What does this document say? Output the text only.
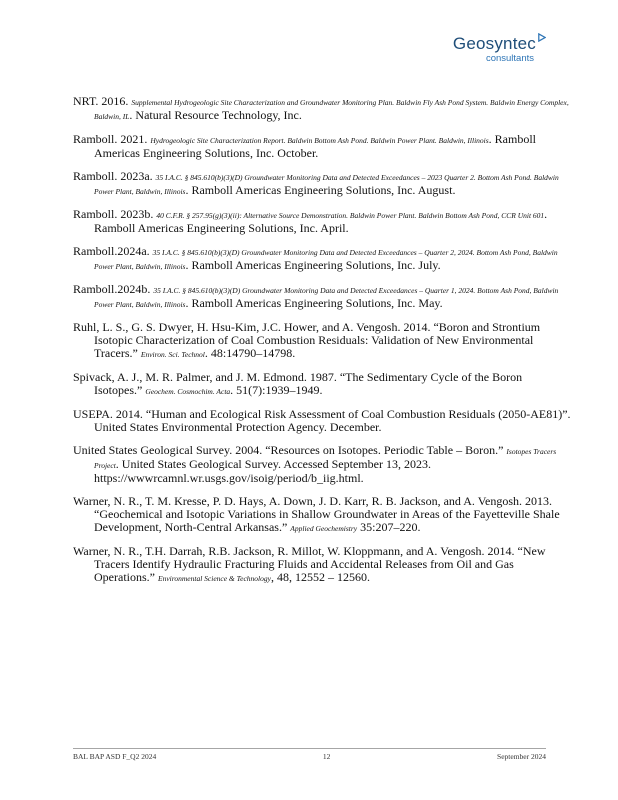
Geosyntec
consultants

NRT. 2016. Supplemental Hydrogeologic Site Characterization and Groundwater Monitoring Plan. Baldwin Fly Ash Pond System. Baldwin Energy Complex, Baldwin, IL. Natural Resource Technology, Inc.

Ramboll. 2021. Hydrogeologic Site Characterization Report. Baldwin Bottom Ash Pond. Baldwin Power Plant. Baldwin, Illinois. Ramboll Americas Engineering Solutions, Inc. October.

Ramboll. 2023a. 35 I.A.C. § 845.610(b)(3)(D) Groundwater Monitoring Data and Detected Exceedances – 2023 Quarter 2. Bottom Ash Pond. Baldwin Power Plant, Baldwin, Illinois. Ramboll Americas Engineering Solutions, Inc. August.

Ramboll. 2023b. 40 C.F.R. § 257.95(g)(3)(ii): Alternative Source Demonstration. Baldwin Power Plant. Baldwin Bottom Ash Pond, CCR Unit 601. Ramboll Americas Engineering Solutions, Inc. April.

Ramboll.2024a. 35 I.A.C. § 845.610(b)(3)(D) Groundwater Monitoring Data and Detected Exceedances – Quarter 2, 2024. Bottom Ash Pond, Baldwin Power Plant, Baldwin, Illinois. Ramboll Americas Engineering Solutions, Inc. July.

Ramboll.2024b. 35 I.A.C. § 845.610(b)(3)(D) Groundwater Monitoring Data and Detected Exceedances – Quarter 1, 2024. Bottom Ash Pond, Baldwin Power Plant, Baldwin, Illinois. Ramboll Americas Engineering Solutions, Inc. May.

Ruhl, L. S., G. S. Dwyer, H. Hsu-Kim, J.C. Hower, and A. Vengosh. 2014. “Boron and Strontium Isotopic Characterization of Coal Combustion Residuals: Validation of New Environmental Tracers.” Environ. Sci. Technol. 48:14790–14798.

Spivack, A. J., M. R. Palmer, and J. M. Edmond. 1987. “The Sedimentary Cycle of the Boron Isotopes.” Geochem. Cosmochim. Acta. 51(7):1939–1949.

USEPA. 2014. “Human and Ecological Risk Assessment of Coal Combustion Residuals (2050-AE81)”. United States Environmental Protection Agency. December.

United States Geological Survey. 2004. “Resources on Isotopes. Periodic Table – Boron.” Isotopes Tracers Project. United States Geological Survey. Accessed September 13, 2023. https://wwwrcamnl.wr.usgs.gov/isoig/period/b_iig.html.

Warner, N. R., T. M. Kresse, P. D. Hays, A. Down, J. D. Karr, R. B. Jackson, and A. Vengosh. 2013. “Geochemical and Isotopic Variations in Shallow Groundwater in Areas of the Fayetteville Shale Development, North-Central Arkansas.” Applied Geochemistry 35:207–220.

Warner, N. R., T.H. Darrah, R.B. Jackson, R. Millot, W. Kloppmann, and A. Vengosh. 2014. “New Tracers Identify Hydraulic Fracturing Fluids and Accidental Releases from Oil and Gas Operations.” Environmental Science & Technology, 48, 12552 – 12560.

BAL BAP ASD F_Q2 2024	12	September 2024
